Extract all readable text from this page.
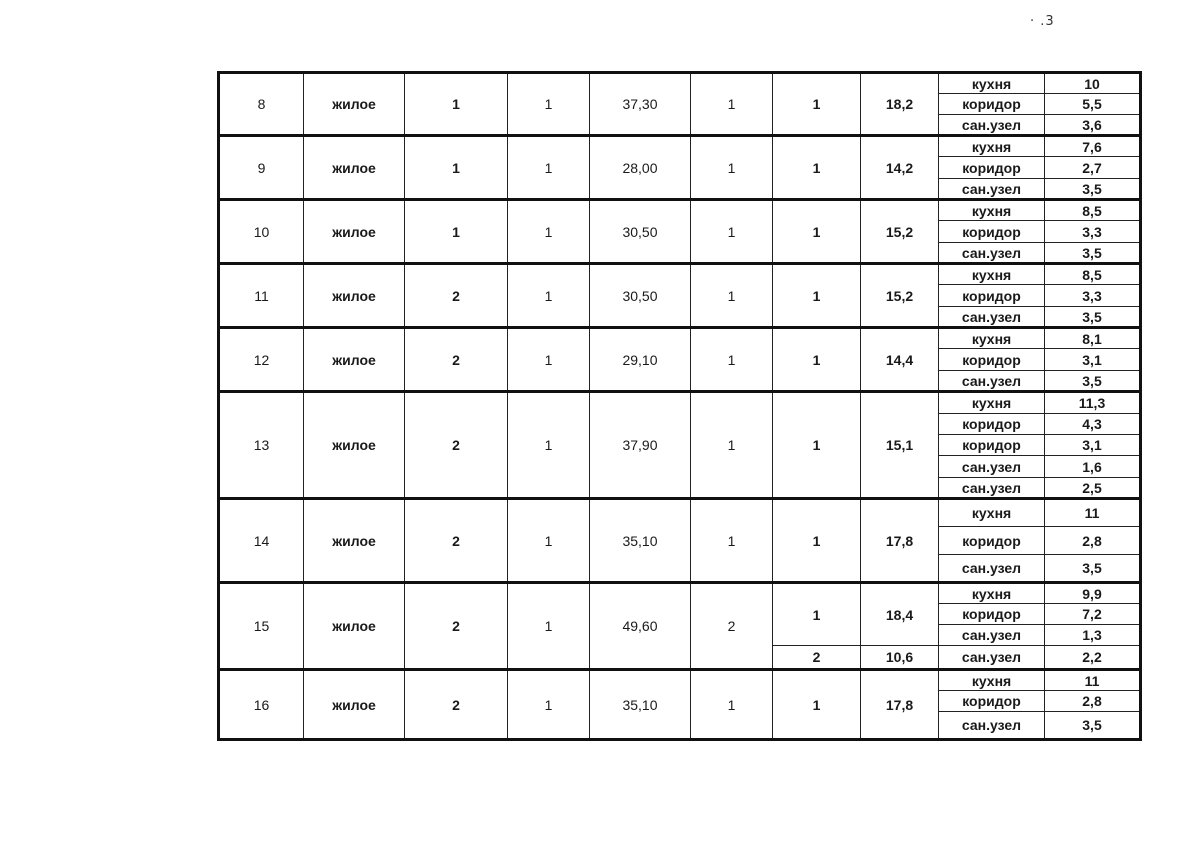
· .3
8	жилое	1	1	37,30	1	1	18,2	кухня	10
								коридор	5,5
								сан.узел	3,6
9	жилое	1	1	28,00	1	1	14,2	кухня	7,6
								коридор	2,7
								сан.узел	3,5
10	жилое	1	1	30,50	1	1	15,2	кухня	8,5
								коридор	3,3
								сан.узел	3,5
11	жилое	2	1	30,50	1	1	15,2	кухня	8,5
								коридор	3,3
								сан.узел	3,5
12	жилое	2	1	29,10	1	1	14,4	кухня	8,1
								коридор	3,1
								сан.узел	3,5
13	жилое	2	1	37,90	1	1	15,1	кухня	11,3
								коридор	4,3
								коридор	3,1
								сан.узел	1,6
								сан.узел	2,5
14	жилое	2	1	35,10	1	1	17,8	кухня	11
								коридор	2,8
								сан.узел	3,5
15	жилое	2	1	49,60	2	1	18,4	кухня	9,9
								коридор	7,2
								сан.узел	1,3
						2	10,6	сан.узел	2,2
16	жилое	2	1	35,10	1	1	17,8	кухня	11
								коридор	2,8
								сан.узел	3,5
